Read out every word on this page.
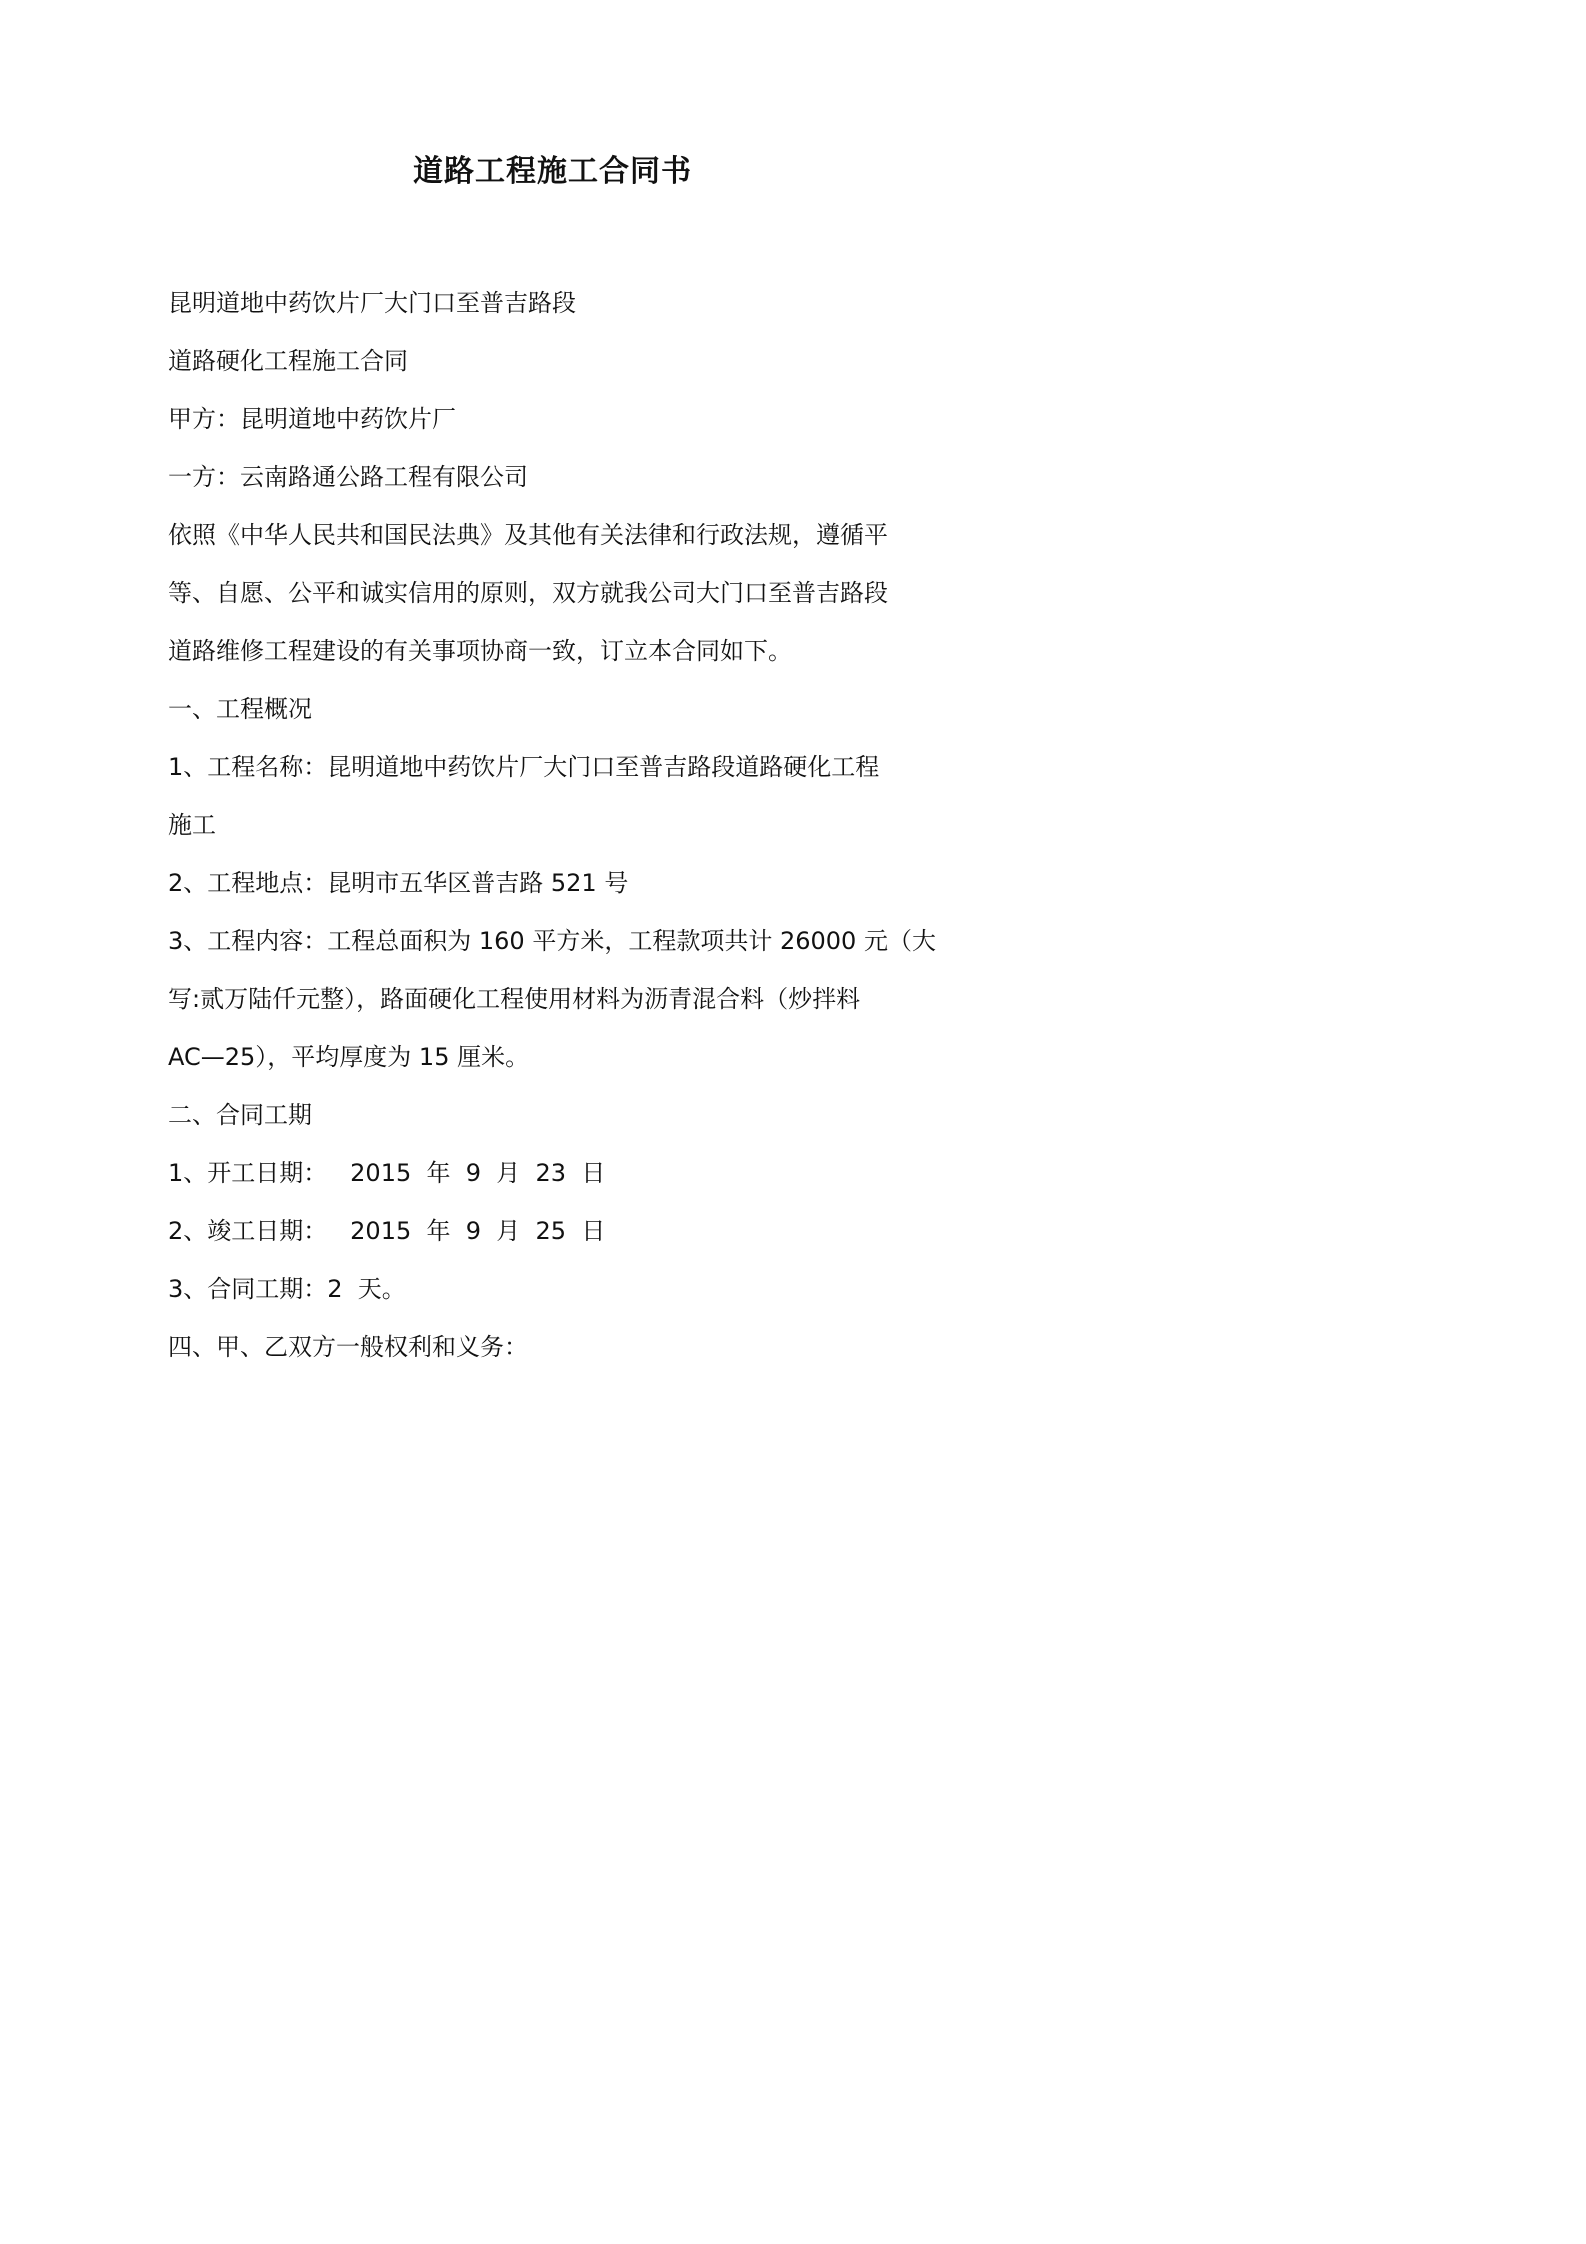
道路工程施工合同书
昆明道地中药饮片厂大门口至普吉路段
道路硬化工程施工合同
甲方：昆明道地中药饮片厂
一方：云南路通公路工程有限公司
依照《中华人民共和国民法典》及其他有关法律和行政法规，遵循平
等、自愿、公平和诚实信用的原则，双方就我公司大门口至普吉路段
道路维修工程建设的有关事项协商一致，订立本合同如下。
一、工程概况
1、工程名称：昆明道地中药饮片厂大门口至普吉路段道路硬化工程
施工
2、工程地点：昆明市五华区普吉路 521 号
3、工程内容：工程总面积为 160 平方米，工程款项共计 26000 元（大
写:贰万陆仟元整），路面硬化工程使用材料为沥青混合料（炒拌料
AC—25），平均厚度为 15 厘米。
二、合同工期
1、开工日期：   2015  年  9  月  23  日
2、竣工日期：   2015  年  9  月  25  日
3、合同工期：2  天。
四、甲、乙双方一般权利和义务：
